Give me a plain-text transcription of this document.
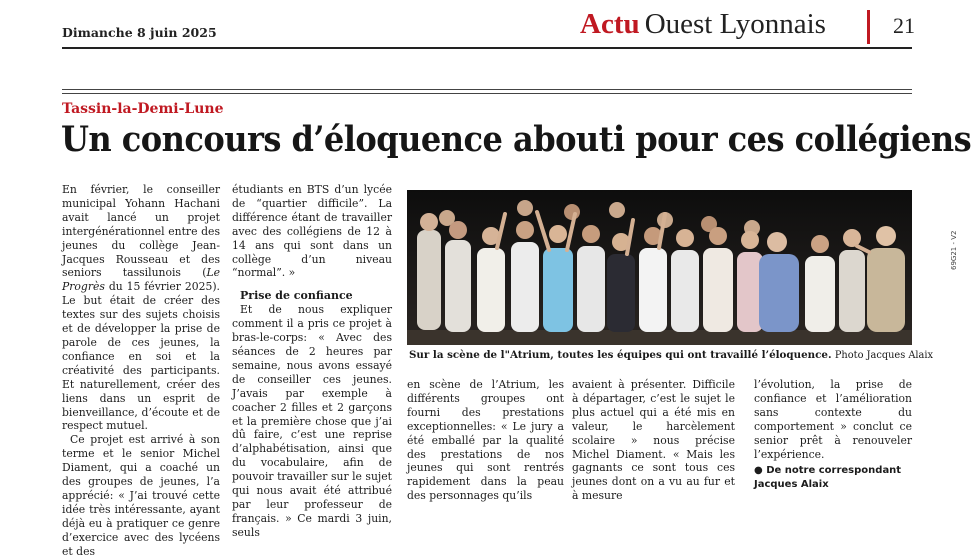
Dimanche 8 juin 2025	Actu Ouest Lyonnais	21
Tassin-la-Demi-Lune
Un concours d’éloquence abouti pour ces collégiens

En février, le conseiller municipal Yohann Hachani avait lancé un projet intergénérationnel entre des jeunes du collège Jean-Jacques Rousseau et des seniors tassilunois (Le Progrès du 15 février 2025). Le but était de créer des textes sur des sujets choisis et de développer la prise de parole de ces jeunes, la confiance en soi et la créativité des participants. Et naturellement, créer des liens dans un esprit de bienveillance, d’écoute et de respect mutuel.

Ce projet est arrivé à son terme et le senior Michel Diament, qui a coaché un des groupes de jeunes, l’a apprécié: « J’ai trouvé cette idée très intéressante, ayant déjà eu à pratiquer ce genre d’exercice avec des lycéens et des

étudiants en BTS d’un lycée de “quartier difficile”. La différence étant de travailler avec des collégiens de 12 à 14 ans qui sont dans un collège d’un niveau “normal”. »

Prise de confiance

Et de nous expliquer comment il a pris ce projet à bras-le-corps: « Avec des séances de 2 heures par semaine, nous avons essayé de conseiller ces jeunes. J’avais par exemple à coacher 2 filles et 2 garçons et la première chose que j’ai dû faire, c’est une reprise d’alphabétisation, ainsi que du vocabulaire, afin de pouvoir travailler sur le sujet qui nous avait été attribué par leur professeur de français. » Ce mardi 3 juin, seuls

Sur la scène de l"Atrium, toutes les équipes qui ont travaillé l’éloquence. Photo Jacques Alaix

en scène de l’Atrium, les différents groupes ont fourni des prestations exceptionnelles: « Le jury a été emballé par la qualité des prestations de nos jeunes qui sont rentrés rapidement dans la peau des personnages qu’ils

avaient à présenter. Difficile à départager, c’est le sujet le plus actuel qui a été mis en valeur, le harcèlement scolaire » nous précise Michel Diament. « Mais les gagnants ce sont tous ces jeunes dont on a vu au fur et à mesure

l’évolution, la prise de confiance et l’amélioration sans contexte du comportement » conclut ce senior prêt à renouveler l’expérience.

● De notre correspondant
Jacques Alaix
69G21 - V2
